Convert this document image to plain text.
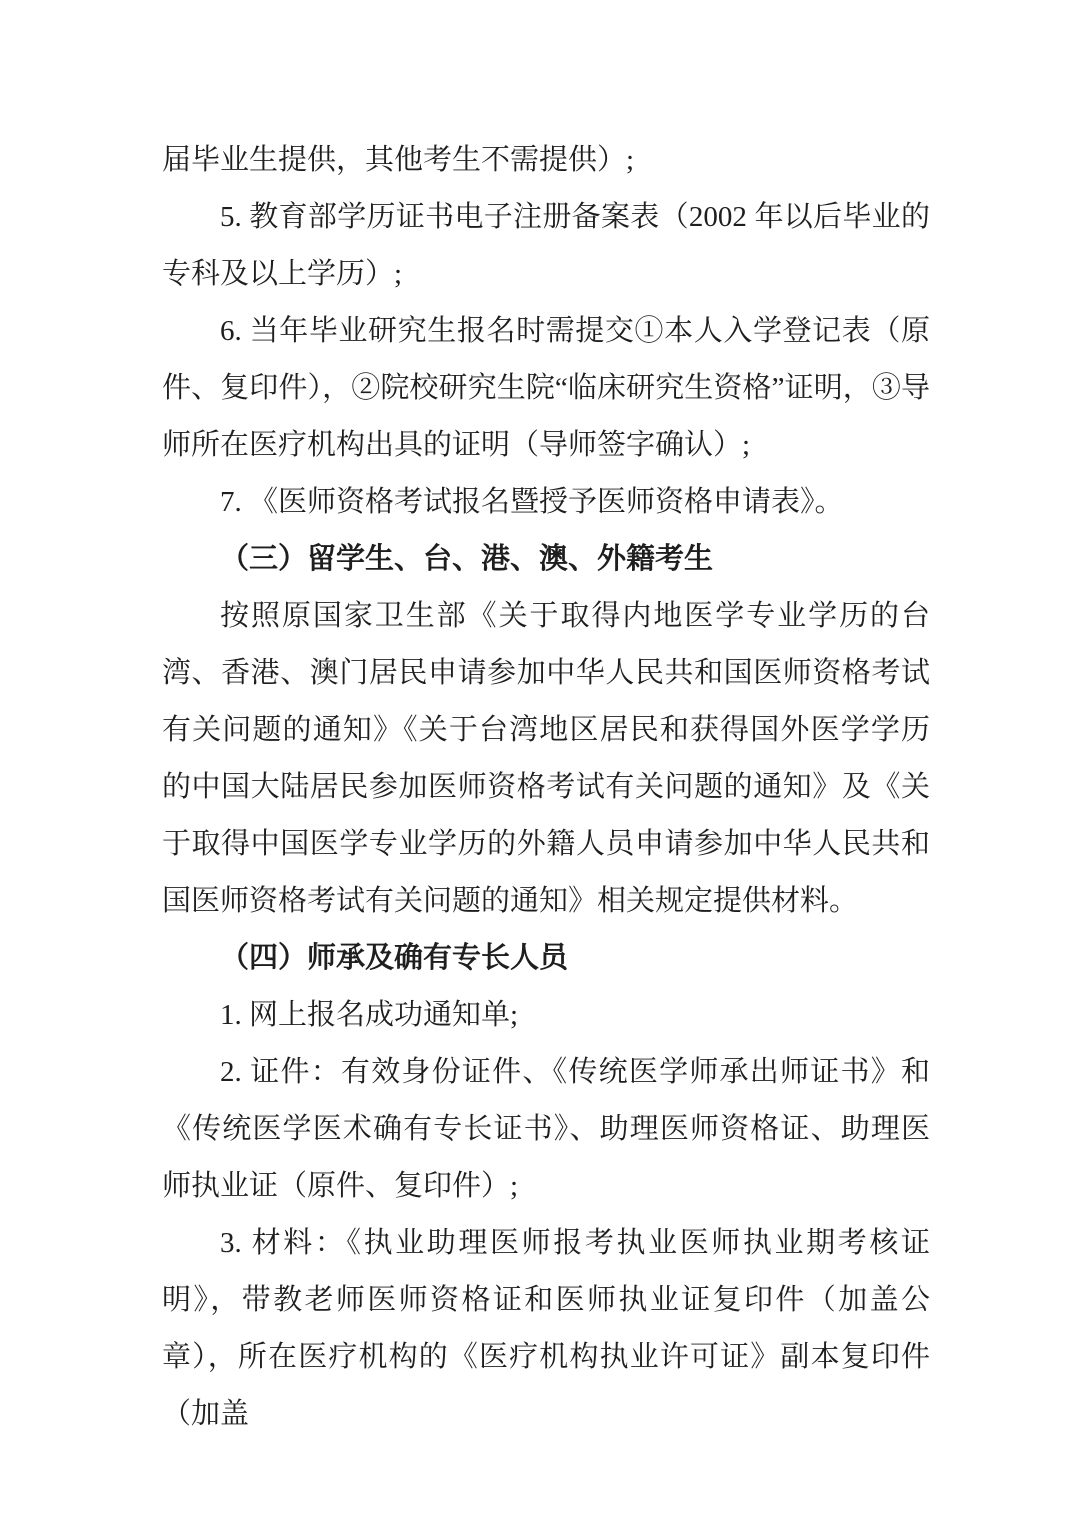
届毕业生提供，其他考生不需提供）;

5. 教育部学历证书电子注册备案表（2002 年以后毕业的专科及以上学历）;

6. 当年毕业研究生报名时需提交①本人入学登记表（原件、复印件），②院校研究生院“临床研究生资格”证明，③导师所在医疗机构出具的证明（导师签字确认）;

7. 《医师资格考试报名暨授予医师资格申请表》。

（三）留学生、台、港、澳、外籍考生

按照原国家卫生部《关于取得内地医学专业学历的台湾、香港、澳门居民申请参加中华人民共和国医师资格考试有关问题的通知》《关于台湾地区居民和获得国外医学学历的中国大陆居民参加医师资格考试有关问题的通知》及《关于取得中国医学专业学历的外籍人员申请参加中华人民共和国医师资格考试有关问题的通知》相关规定提供材料。

（四）师承及确有专长人员

1. 网上报名成功通知单;

2. 证件：有效身份证件、《传统医学师承出师证书》和《传统医学医术确有专长证书》、助理医师资格证、助理医师执业证（原件、复印件）;

3. 材料：《执业助理医师报考执业医师执业期考核证明》，带教老师医师资格证和医师执业证复印件（加盖公章），所在医疗机构的《医疗机构执业许可证》副本复印件（加盖
